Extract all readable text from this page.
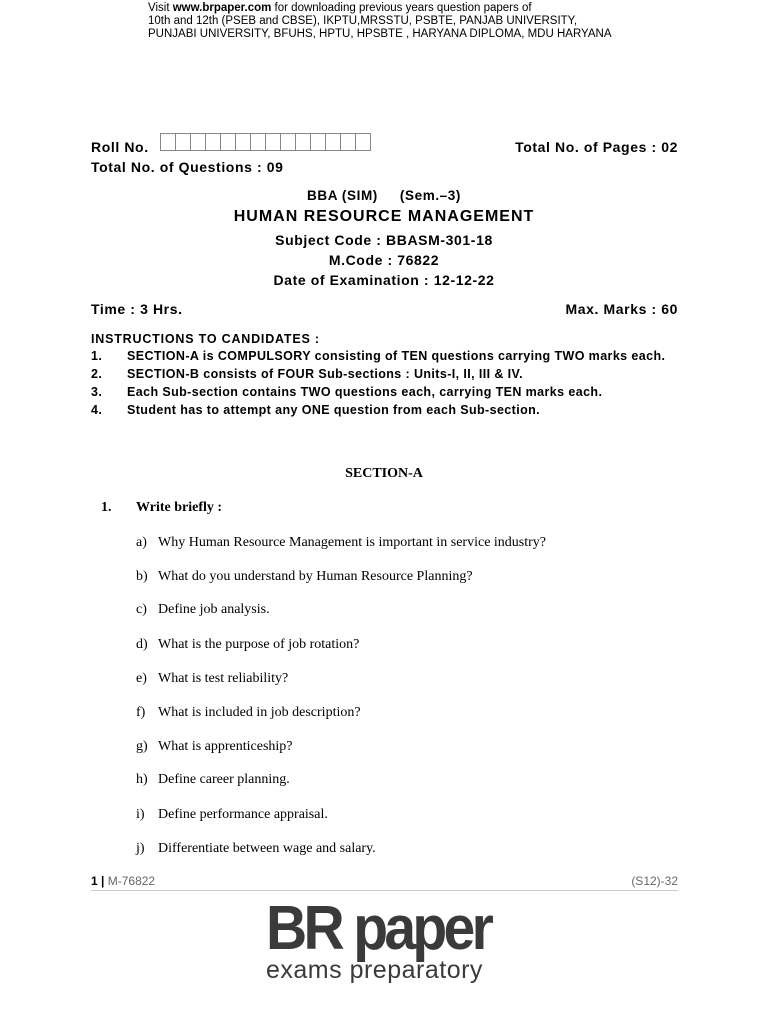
Visit www.brpaper.com for downloading previous years question papers of
10th and 12th (PSEB and CBSE), IKPTU,MRSSTU, PSBTE, PANJAB UNIVERSITY,
PUNJABI UNIVERSITY, BFUHS, HPTU, HPSBTE , HARYANA DIPLOMA, MDU HARYANA
Roll No.	Total No. of Pages : 02
Total No. of Questions : 09
BBA (SIM) (Sem.–3)
HUMAN RESOURCE MANAGEMENT
Subject Code : BBASM-301-18
M.Code : 76822
Date of Examination : 12-12-22
Time : 3 Hrs.	Max. Marks : 60
INSTRUCTIONS TO CANDIDATES :
1.	SECTION-A is COMPULSORY consisting of TEN questions carrying TWO marks each.
2.	SECTION-B consists of FOUR Sub-sections : Units-I, II, III & IV.
3.	Each Sub-section contains TWO questions each, carrying TEN marks each.
4.	Student has to attempt any ONE question from each Sub-section.
SECTION-A
1. Write briefly :
a) Why Human Resource Management is important in service industry?
b) What do you understand by Human Resource Planning?
c) Define job analysis.
d) What is the purpose of job rotation?
e) What is test reliability?
f) What is included in job description?
g) What is apprenticeship?
h) Define career planning.
i) Define performance appraisal.
j) Differentiate between wage and salary.
1 | M-76822	(S12)-32
BR paper
exams preparatory
